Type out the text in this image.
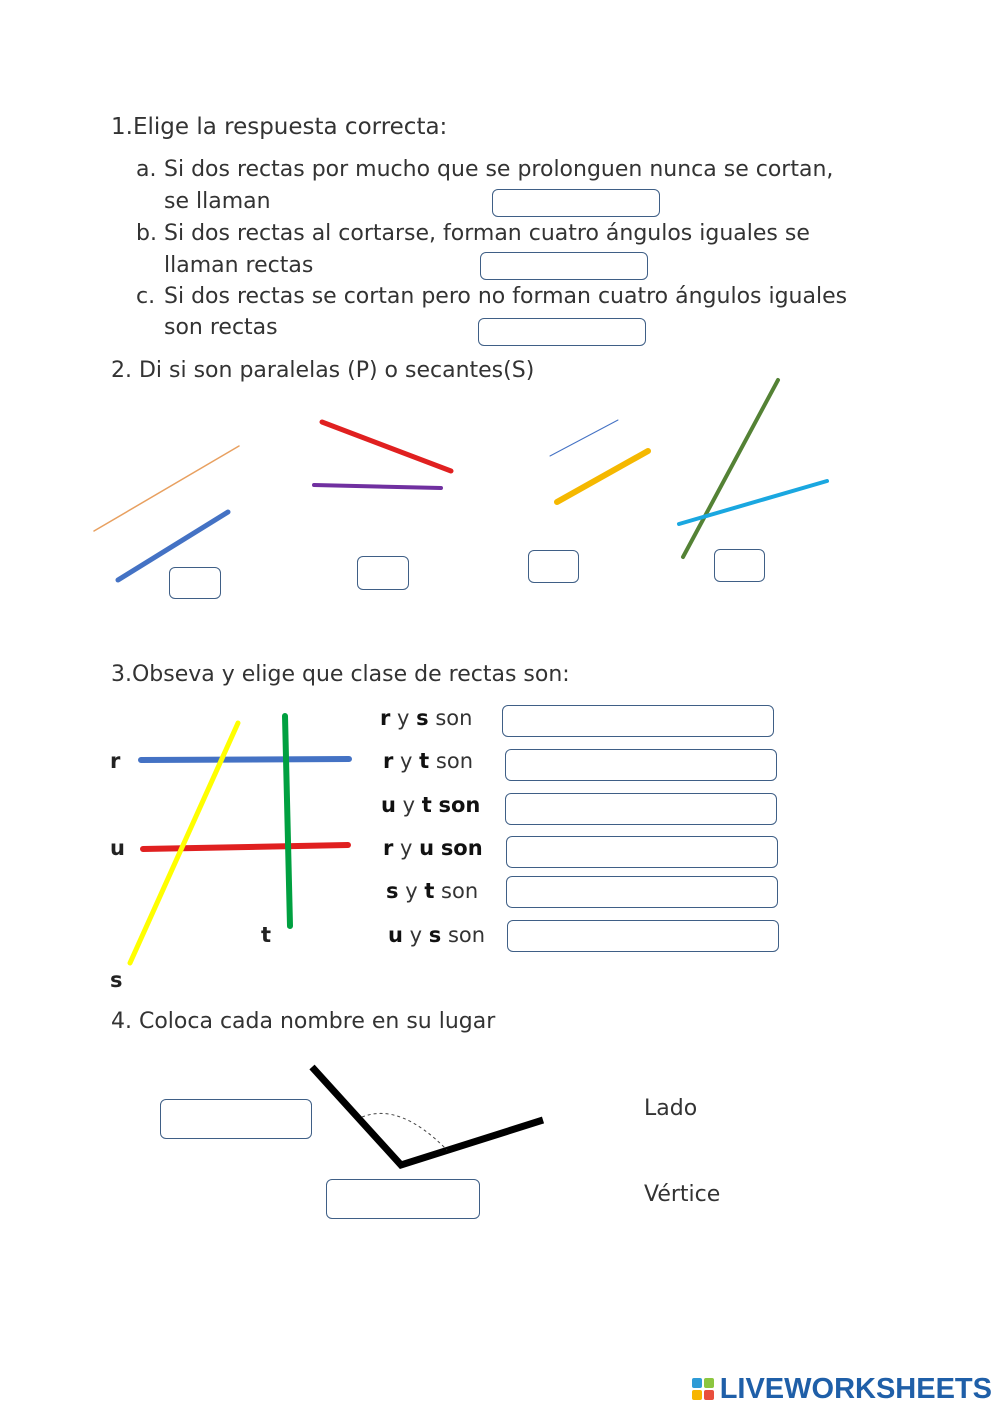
1.Elige la respuesta correcta:
a. Si dos rectas por mucho que se prolonguen nunca se cortan,
se llaman
b. Si dos rectas al cortarse, forman cuatro ángulos iguales se
llaman rectas
c. Si dos rectas se cortan pero no forman cuatro ángulos iguales
son rectas
2. Di si son paralelas (P) o secantes(S)
3.Obseva y elige que clase de rectas son:
r
u
t
s
r y s son
r y t son
u y t son
r y u son
s y t son
u y s son
4. Coloca cada nombre en su lugar
Lado
Vértice
LIVEWORKSHEETS
